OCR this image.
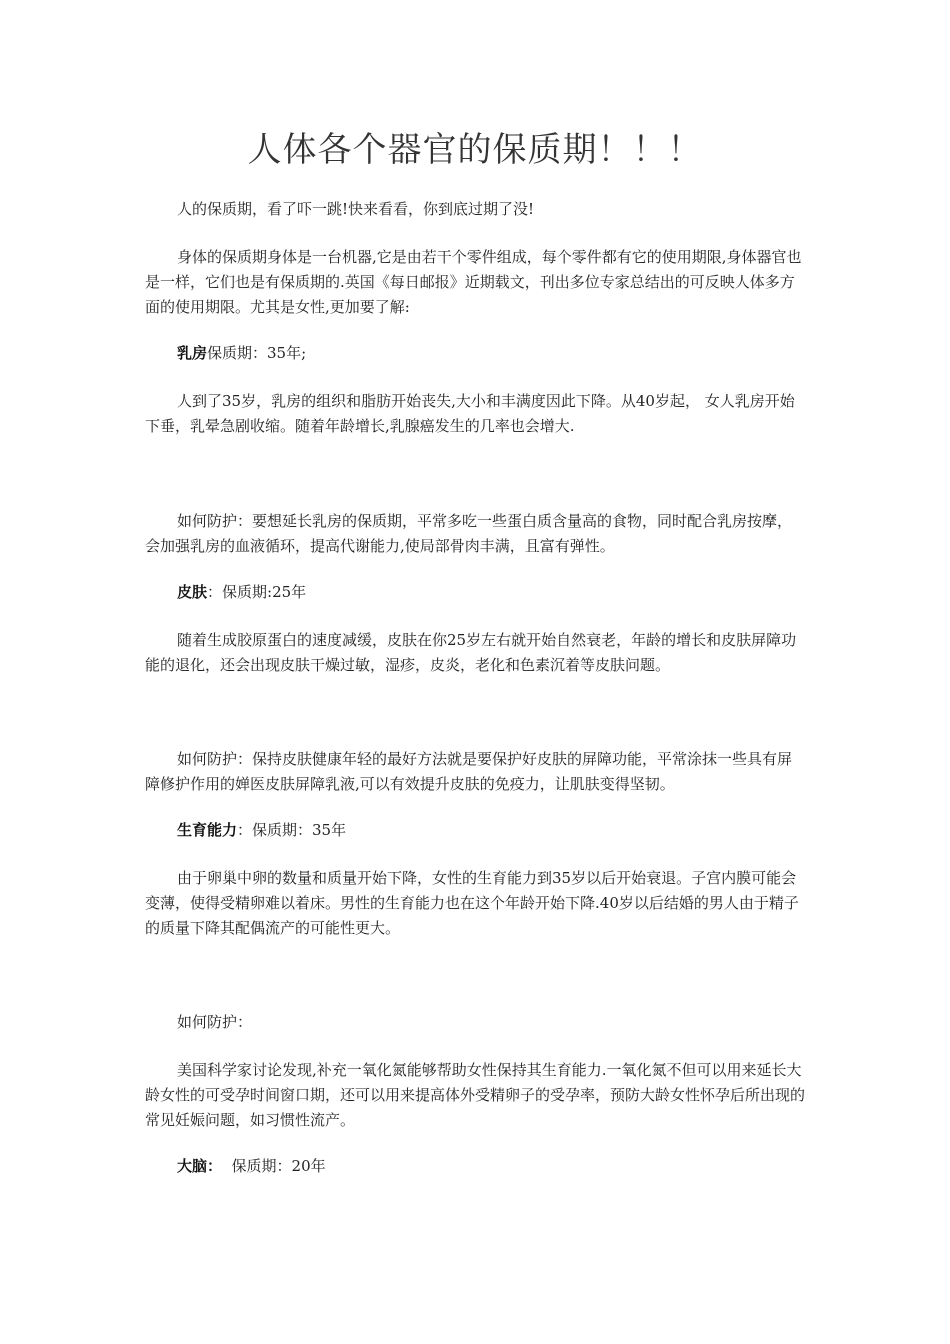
人体各个器官的保质期！！！

人的保质期，看了吓一跳!快来看看，你到底过期了没!

身体的保质期身体是一台机器,它是由若干个零件组成，每个零件都有它的使用期限,身体器官也是一样，它们也是有保质期的.英国《每日邮报》近期载文，刊出多位专家总结出的可反映人体多方面的使用期限。尤其是女性,更加要了解:

乳房保质期：35年;

人到了35岁，乳房的组织和脂肪开始丧失,大小和丰满度因此下降。从40岁起， 女人乳房开始下垂，乳晕急剧收缩。随着年龄增长,乳腺癌发生的几率也会增大.

如何防护：要想延长乳房的保质期，平常多吃一些蛋白质含量高的食物，同时配合乳房按摩，会加强乳房的血液循环，提高代谢能力,使局部骨肉丰满，且富有弹性。

皮肤：保质期:25年

随着生成胶原蛋白的速度减缓，皮肤在你25岁左右就开始自然衰老，年龄的增长和皮肤屏障功能的退化，还会出现皮肤干燥过敏，湿疹，皮炎，老化和色素沉着等皮肤问题。

如何防护：保持皮肤健康年轻的最好方法就是要保护好皮肤的屏障功能，平常涂抹一些具有屏障修护作用的婵医皮肤屏障乳液,可以有效提升皮肤的免疫力，让肌肤变得坚韧。

生育能力：保质期：35年

由于卵巢中卵的数量和质量开始下降，女性的生育能力到35岁以后开始衰退。子宫内膜可能会变薄，使得受精卵难以着床。男性的生育能力也在这个年龄开始下降.40岁以后结婚的男人由于精子的质量下降其配偶流产的可能性更大。

如何防护：

美国科学家讨论发现,补充一氧化氮能够帮助女性保持其生育能力.一氧化氮不但可以用来延长大龄女性的可受孕时间窗口期，还可以用来提高体外受精卵子的受孕率，预防大龄女性怀孕后所出现的常见妊娠问题，如习惯性流产。

大脑：  保质期：20年
